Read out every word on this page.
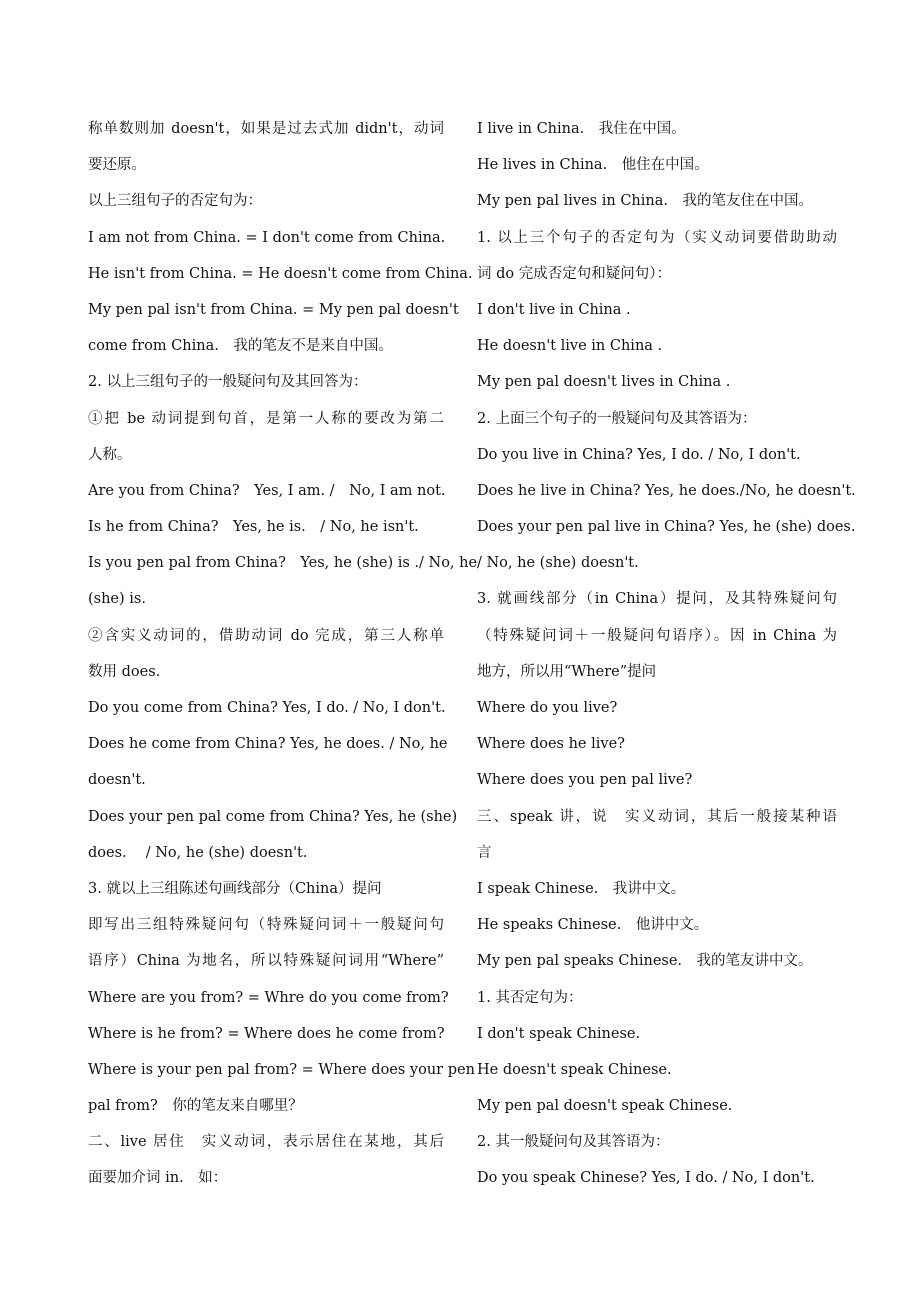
称单数则加 doesn't，如果是过去式加 didn't，动词
要还原。
以上三组句子的否定句为：
I am not from China. = I don't come from China.
He isn't from China. = He doesn't come from China.
My pen pal isn't from China. = My pen pal doesn't
come from China.　我的笔友不是来自中国。
2. 以上三组句子的一般疑问句及其回答为：
①把 be 动词提到句首，是第一人称的要改为第二
人称。
Are you from China?　Yes, I am. /　No, I am not.
Is he from China?　Yes, he is.　/ No, he isn't.
Is you pen pal from China?　Yes, he (she) is ./ No, he
(she) is.
②含实义动词的，借助动词 do 完成，第三人称单
数用 does.
Do you come from China? Yes, I do. / No, I don't.
Does he come from China? Yes, he does. / No, he
doesn't.
Does your pen pal come from China? Yes, he (she)
does.　 / No, he (she) doesn't.
3. 就以上三组陈述句画线部分（China）提问
即写出三组特殊疑问句（特殊疑问词＋一般疑问句
语序）China 为地名，所以特殊疑问词用“Where”
Where are you from? = Whre do you come from?
Where is he from? = Where does he come from?
Where is your pen pal from? = Where does your pen
pal from?　你的笔友来自哪里？
二、live 居住　实义动词，表示居住在某地，其后
面要加介词 in.　如：
I live in China.　我住在中国。
He lives in China.　他住在中国。
My pen pal lives in China.　我的笔友住在中国。
1. 以上三个句子的否定句为（实义动词要借助助动
词 do 完成否定句和疑问句）：
I don't live in China .
He doesn't live in China .
My pen pal doesn't lives in China .
2. 上面三个句子的一般疑问句及其答语为：
Do you live in China? Yes, I do. / No, I don't.
Does he live in China? Yes, he does./No, he doesn't.
Does your pen pal live in China? Yes, he (she) does.
/ No, he (she) doesn't.
3. 就画线部分（in China）提问，及其特殊疑问句
（特殊疑问词＋一般疑问句语序）。因 in China 为
地方，所以用“Where”提问
Where do you live?
Where does he live?
Where does you pen pal live?
三、speak 讲，说　实义动词，其后一般接某种语
言
I speak Chinese.　我讲中文。
He speaks Chinese.　他讲中文。
My pen pal speaks Chinese.　我的笔友讲中文。
1. 其否定句为：
I don't speak Chinese.
He doesn't speak Chinese.
My pen pal doesn't speak Chinese.
2. 其一般疑问句及其答语为：
Do you speak Chinese? Yes, I do. / No, I don't.
